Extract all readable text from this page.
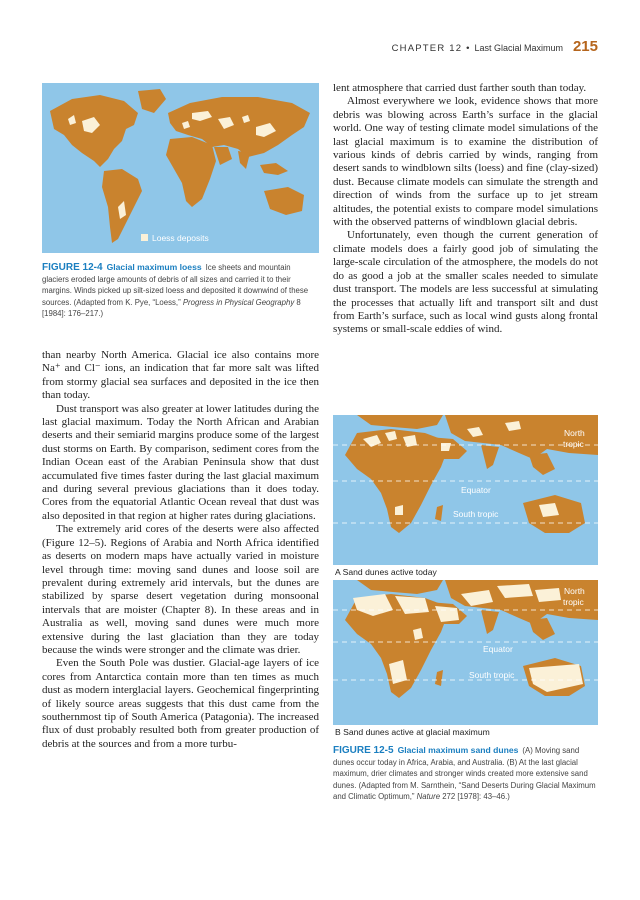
CHAPTER 12 • Last Glacial Maximum 215
Loess deposits
FIGURE 12-4 Glacial maximum loess Ice sheets and mountain glaciers eroded large amounts of debris of all sizes and carried it to their margins. Winds picked up silt-sized loess and deposited it downwind of these sources. (Adapted from K. Pye, “Loess,” Progress in Physical Geography 8 [1984]: 176–217.)

than nearby North America. Glacial ice also contains more Na⁺ and Cl⁻ ions, an indication that far more salt was lifted from stormy glacial sea surfaces and deposited in the ice then than today.

Dust transport was also greater at lower latitudes during the last glacial maximum. Today the North African and Arabian deserts and their semiarid margins produce some of the largest dust storms on Earth. By comparison, sediment cores from the Indian Ocean east of the Arabian Peninsula show that dust accumulated five times faster during the last glacial maximum and during several previous glaciations than it does today. Cores from the equatorial Atlantic Ocean reveal that dust was also deposited in that region at higher rates during glaciations.

The extremely arid cores of the deserts were also affected (Figure 12–5). Regions of Arabia and North Africa identified as deserts on modern maps have actually varied in moisture level through time: moving sand dunes and loose soil are prevalent during extremely arid intervals, but the dunes are stabilized by sparse desert vegetation during monsoonal intervals that are moister (Chapter 8). In these areas and in Australia as well, moving sand dunes were much more extensive during the last glaciation than they are today because the winds were stronger and the climate was drier.

Even the South Pole was dustier. Glacial-age layers of ice cores from Antarctica contain more than ten times as much dust as modern interglacial layers. Geochemical fingerprinting of likely source areas suggests that this dust came from the southernmost tip of South America (Patagonia). The increased flux of dust probably resulted both from greater production of debris at the sources and from a more turbu-

lent atmosphere that carried dust farther south than today.

Almost everywhere we look, evidence shows that more debris was blowing across Earth’s surface in the glacial world. One way of testing climate model simulations of the last glacial maximum is to examine the distribution of various kinds of debris carried by winds, ranging from desert sands to windblown silts (loess) and fine (clay-sized) dust. Because climate models can simulate the strength and direction of winds from the surface up to jet stream altitudes, the potential exists to compare model simulations with the observed patterns of windblown glacial debris.

Unfortunately, even though the current generation of climate models does a fairly good job of simulating the large-scale circulation of the atmosphere, the models do not do as good a job at the smaller scales needed to simulate dust transport. The models are less successful at simulating the processes that actually lift and transport silt and dust from Earth’s surface, such as local wind gusts along frontal systems or small-scale eddies of wind.

North
tropic
Equator
South tropic
A Sand dunes active today
North
tropic
Equator
South tropic
B Sand dunes active at glacial maximum
FIGURE 12-5 Glacial maximum sand dunes (A) Moving sand dunes occur today in Africa, Arabia, and Australia. (B) At the last glacial maximum, drier climates and stronger winds created more extensive sand dunes. (Adapted from M. Sarnthein, “Sand Deserts During Glacial Maximum and Climatic Optimum,” Nature 272 [1978]: 43–46.)
